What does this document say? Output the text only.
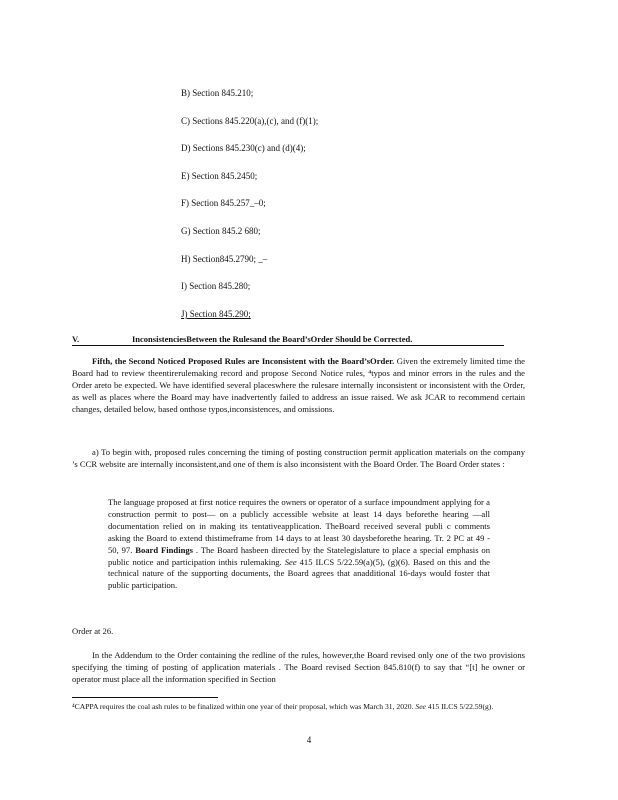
B) Section 845.210;
C) Sections 845.220(a),(c), and (f)(1);
D) Sections 845.230(c) and (d)(4);
E) Section 845.2450;
F) Section 845.257_–0;
G) Section 845.2 680;
H) Section845.2790; _–
I) Section 845.280;
J) Section 845.290;
V.	InconsistenciesBetween the Rulesand the Board’sOrder Should be Corrected.
Fifth, the Second Noticed Proposed Rules are Inconsistent with the Board’sOrder. Given the extremely limited time the Board had to review theentirerulemaking record and propose Second Notice rules, ⁴typos and minor errors in the rules and the Order areto be expected. We have identified several placeswhere the rulesare internally inconsistent or inconsistent with the Order, as well as places where the Board may have inadvertently failed to address an issue raised. We ask JCAR to recommend certain changes, detailed below, based onthose typos,inconsistences, and omissions.
a) To begin with, proposed rules concerning the timing of posting construction permit application materials on the company ’s CCR website are internally inconsistent,and one of them is also inconsistent with the Board Order. The Board Order states :
The language proposed at first notice requires the owners or operator of a surface impoundment applying for a construction permit to post— on a publicly accessible website at least 14 days beforethe hearing —all documentation relied on in making its tentativeapplication. TheBoard received several publi c comments asking the Board to extend thistimeframe from 14 days to at least 30 daysbeforethe hearing. Tr. 2 PC at 49 - 50, 97. Board Findings . The Board hasbeen directed by the Statelegislature to place a special emphasis on public notice and participation inthis rulemaking. See 415 ILCS 5/22.59(a)(5), (g)(6). Based on this and the technical nature of the supporting documents, the Board agrees that anadditional 16-days would foster that public participation.
Order at 26.
In the Addendum to the Order containing the redline of the rules, however,the Board revised only one of the two provisions specifying the timing of posting of application materials . The Board revised Section 845.810(f) to say that “[t] he owner or operator must place all the information specified in Section
⁴CAPPA requires the coal ash rules to be finalized within one year of their proposal, which was March 31, 2020. See 415 ILCS 5/22.59(g).
4
